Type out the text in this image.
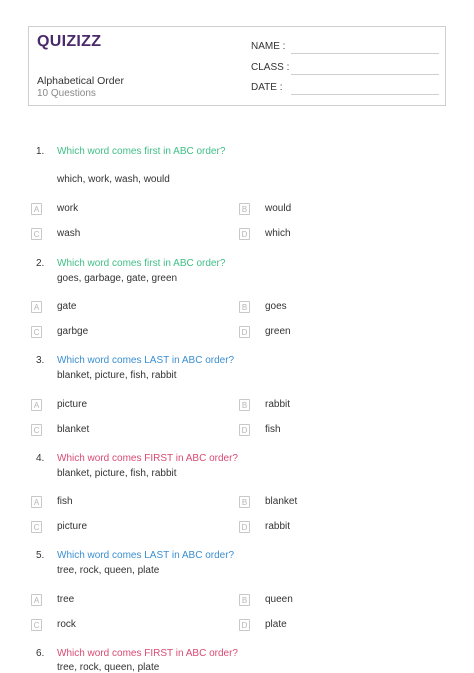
QUIZIZZ
Alphabetical Order
10 Questions
NAME :
CLASS :
DATE :
1. Which word comes first in ABC order?
which, work, wash, would
A work	B would
C wash	D which
2. Which word comes first in ABC order?
goes, garbage, gate, green
A gate	B goes
C garbge	D green
3. Which word comes LAST in ABC order?
blanket, picture, fish, rabbit
A picture	B rabbit
C blanket	D fish
4. Which word comes FIRST in ABC order?
blanket, picture, fish, rabbit
A fish	B blanket
C picture	D rabbit
5. Which word comes LAST in ABC order?
tree, rock, queen, plate
A tree	B queen
C rock	D plate
6. Which word comes FIRST in ABC order?
tree, rock, queen, plate
